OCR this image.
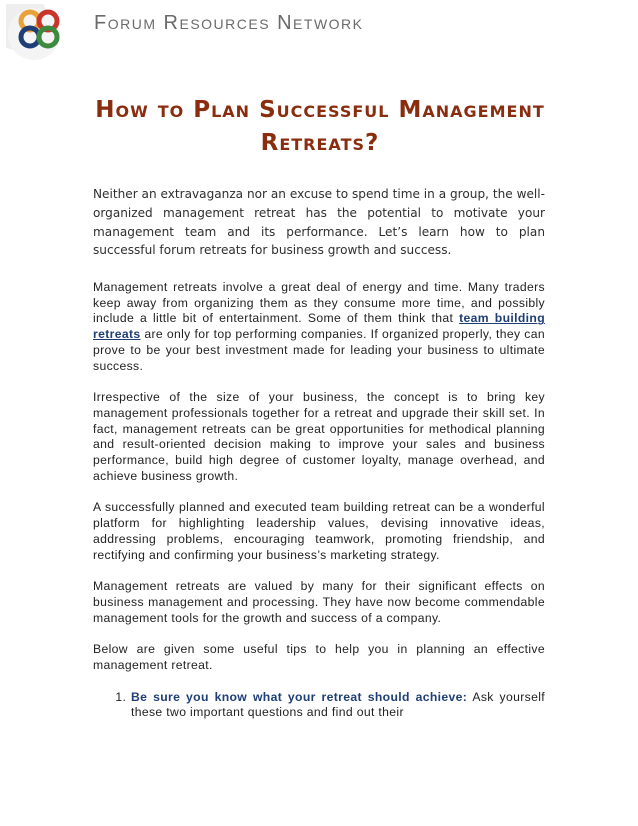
Forum Resources Network
How to Plan Successful Management
Retreats?
Neither an extravaganza nor an excuse to spend time in a group, the well-organized management retreat has the potential to motivate your management team and its performance. Let’s learn how to plan successful forum retreats for business growth and success.

Management retreats involve a great deal of energy and time. Many traders keep away from organizing them as they consume more time, and possibly include a little bit of entertainment. Some of them think that team building retreats are only for top performing companies. If organized properly, they can prove to be your best investment made for leading your business to ultimate success.

Irrespective of the size of your business, the concept is to bring key management professionals together for a retreat and upgrade their skill set. In fact, management retreats can be great opportunities for methodical planning and result-oriented decision making to improve your sales and business performance, build high degree of customer loyalty, manage overhead, and achieve business growth.

A successfully planned and executed team building retreat can be a wonderful platform for highlighting leadership values, devising innovative ideas, addressing problems, encouraging teamwork, promoting friendship, and rectifying and confirming your business’s marketing strategy.

Management retreats are valued by many for their significant effects on business management and processing. They have now become commendable management tools for the growth and success of a company.

Below are given some useful tips to help you in planning an effective management retreat.

1. Be sure you know what your retreat should achieve: Ask yourself these two important questions and find out their
